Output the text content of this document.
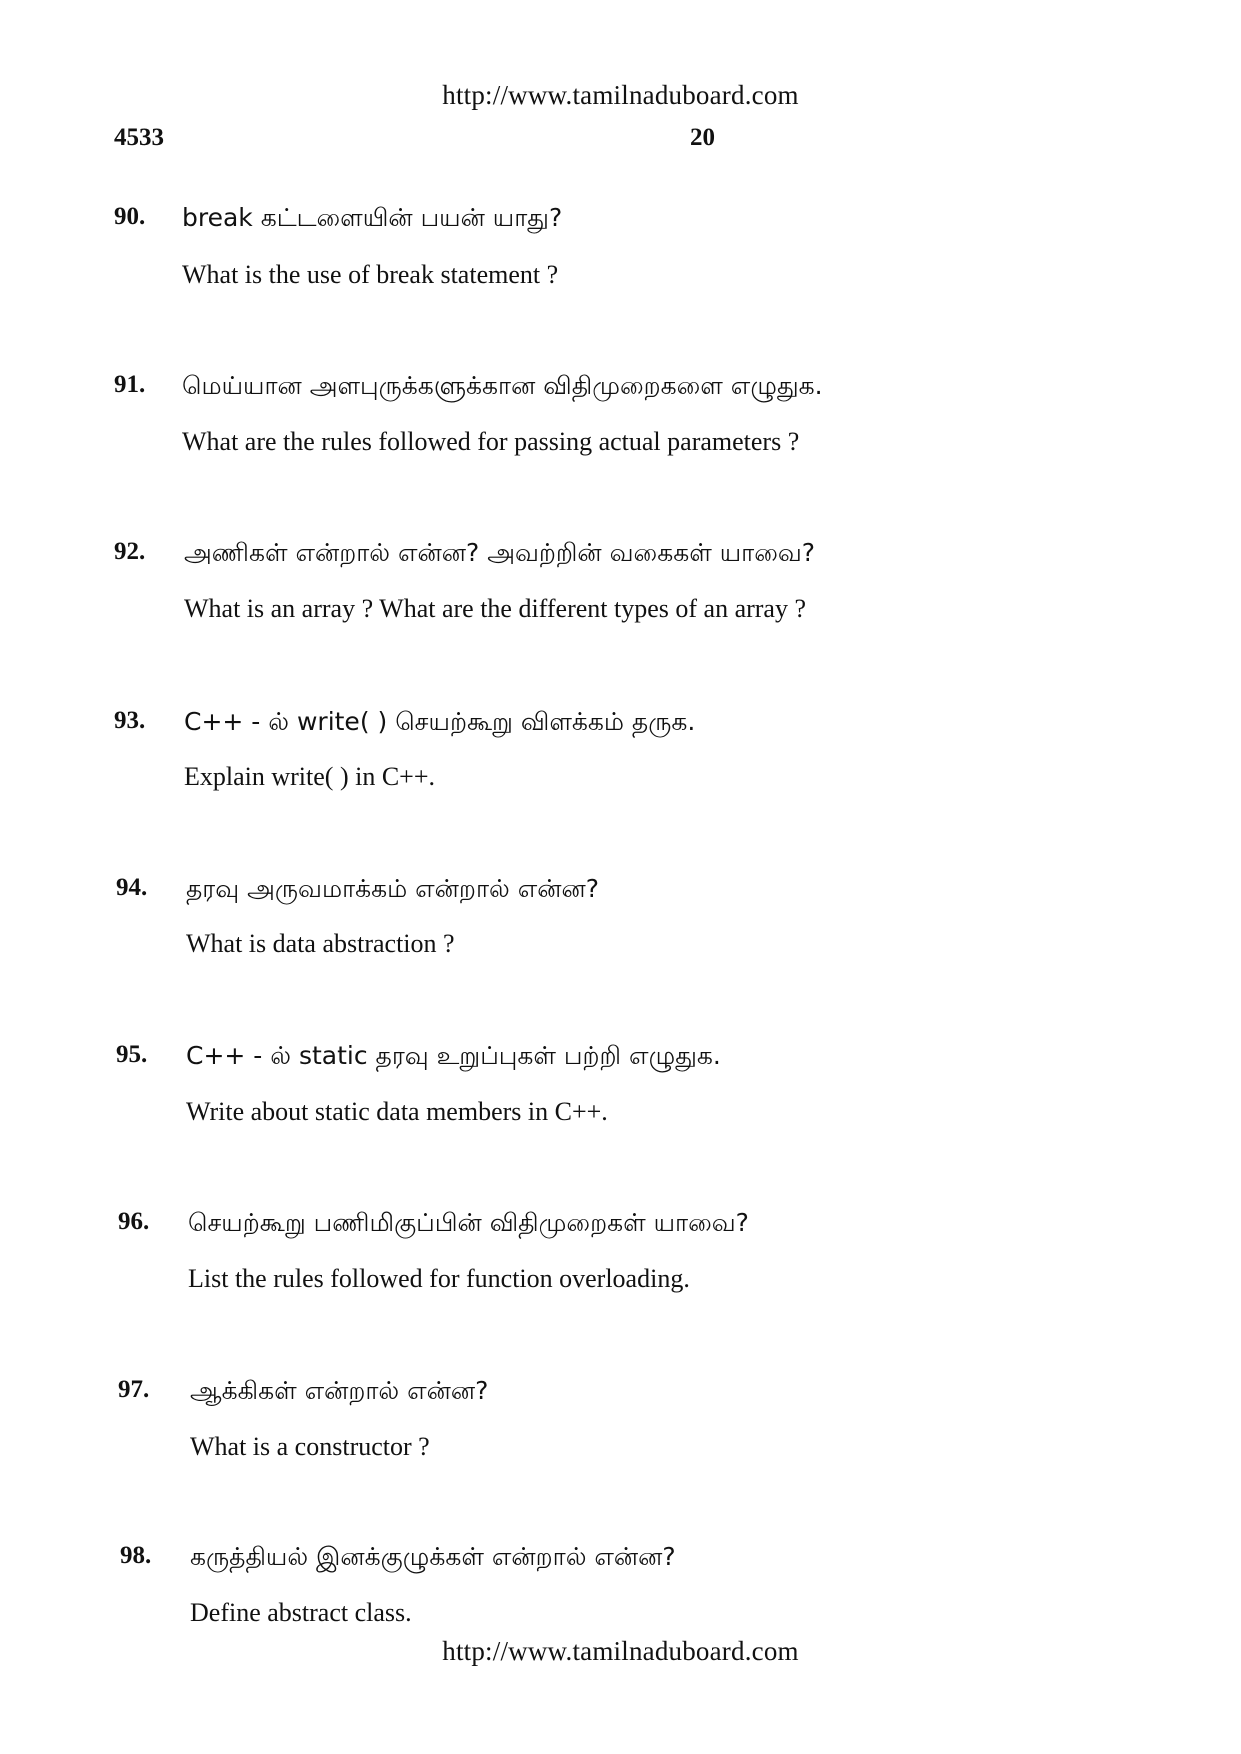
http://www.tamilnaduboard.com
4533	20
90.	break கட்டளையின் பயன் யாது?
What is the use of break statement ?
91.	மெய்யான அளபுருக்களுக்கான விதிமுறைகளை எழுதுக.
What are the rules followed for passing actual parameters ?
92.	அணிகள் என்றால் என்ன? அவற்றின் வகைகள் யாவை?
What is an array ? What are the different types of an array ?
93.	C++ - ல் write( ) செயற்கூறு விளக்கம் தருக.
Explain write( ) in C++.
94.	தரவு அருவமாக்கம் என்றால் என்ன?
What is data abstraction ?
95.	C++ - ல் static தரவு உறுப்புகள் பற்றி எழுதுக.
Write about static data members in C++.
96.	செயற்கூறு பணிமிகுப்பின் விதிமுறைகள் யாவை?
List the rules followed for function overloading.
97.	ஆக்கிகள் என்றால் என்ன?
What is a constructor ?
98.	கருத்தியல் இனக்குழுக்கள் என்றால் என்ன?
Define abstract class.
http://www.tamilnaduboard.com
